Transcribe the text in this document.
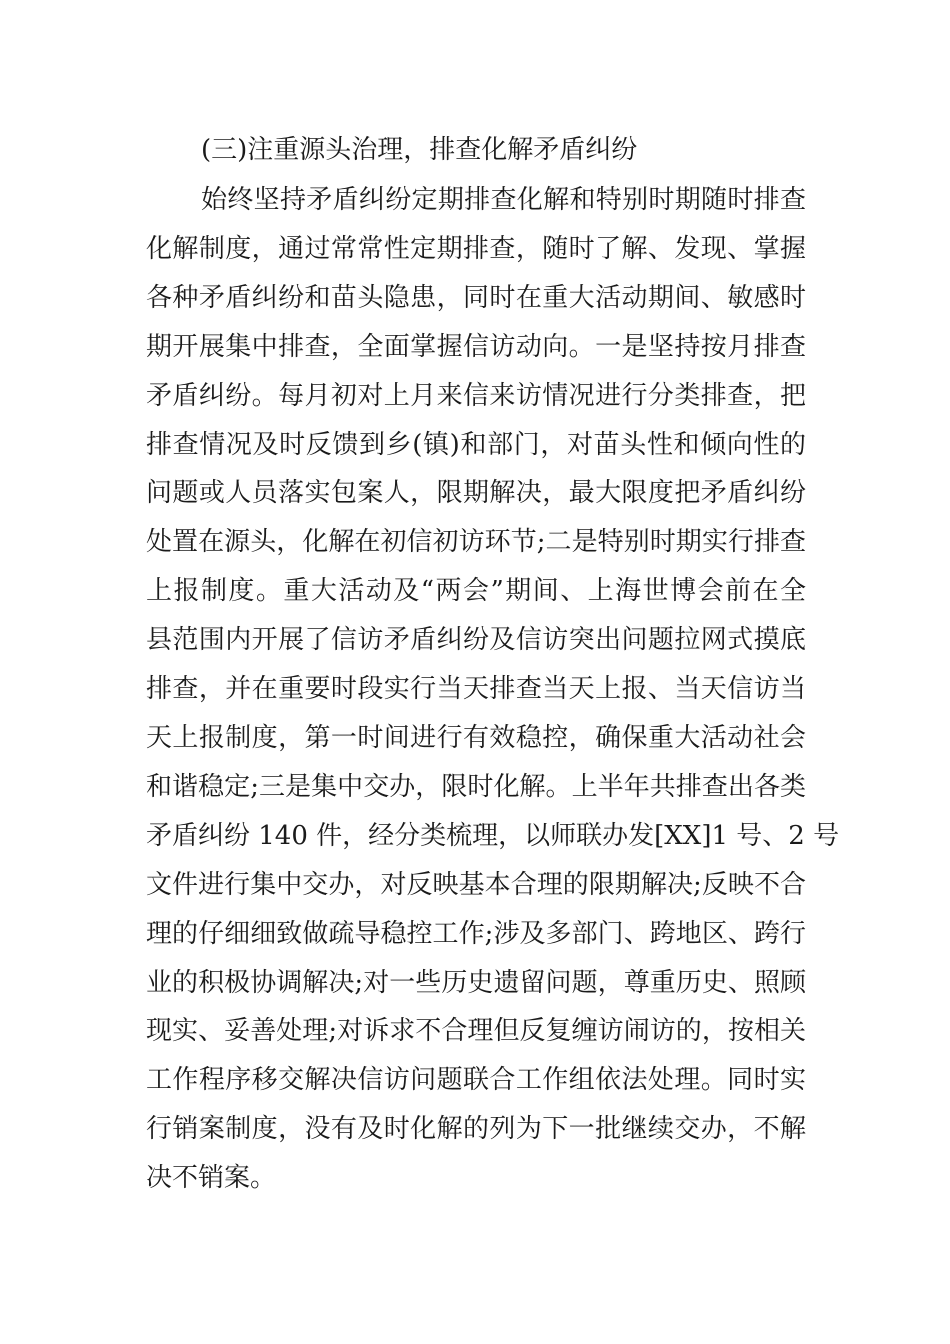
(三)注重源头治理，排查化解矛盾纠纷
始终坚持矛盾纠纷定期排查化解和特别时期随时排查
化解制度，通过常常性定期排查，随时了解、发现、掌握
各种矛盾纠纷和苗头隐患，同时在重大活动期间、敏感时
期开展集中排查，全面掌握信访动向。一是坚持按月排查
矛盾纠纷。每月初对上月来信来访情况进行分类排查，把
排查情况及时反馈到乡(镇)和部门，对苗头性和倾向性的
问题或人员落实包案人，限期解决，最大限度把矛盾纠纷
处置在源头，化解在初信初访环节;二是特别时期实行排查
上报制度。重大活动及“两会”期间、上海世博会前在全
县范围内开展了信访矛盾纠纷及信访突出问题拉网式摸底
排查，并在重要时段实行当天排查当天上报、当天信访当
天上报制度，第一时间进行有效稳控，确保重大活动社会
和谐稳定;三是集中交办，限时化解。上半年共排查出各类
矛盾纠纷 140 件，经分类梳理，以师联办发[XX]1 号、2 号
文件进行集中交办，对反映基本合理的限期解决;反映不合
理的仔细细致做疏导稳控工作;涉及多部门、跨地区、跨行
业的积极协调解决;对一些历史遗留问题，尊重历史、照顾
现实、妥善处理;对诉求不合理但反复缠访闹访的，按相关
工作程序移交解决信访问题联合工作组依法处理。同时实
行销案制度，没有及时化解的列为下一批继续交办，不解
决不销案。
